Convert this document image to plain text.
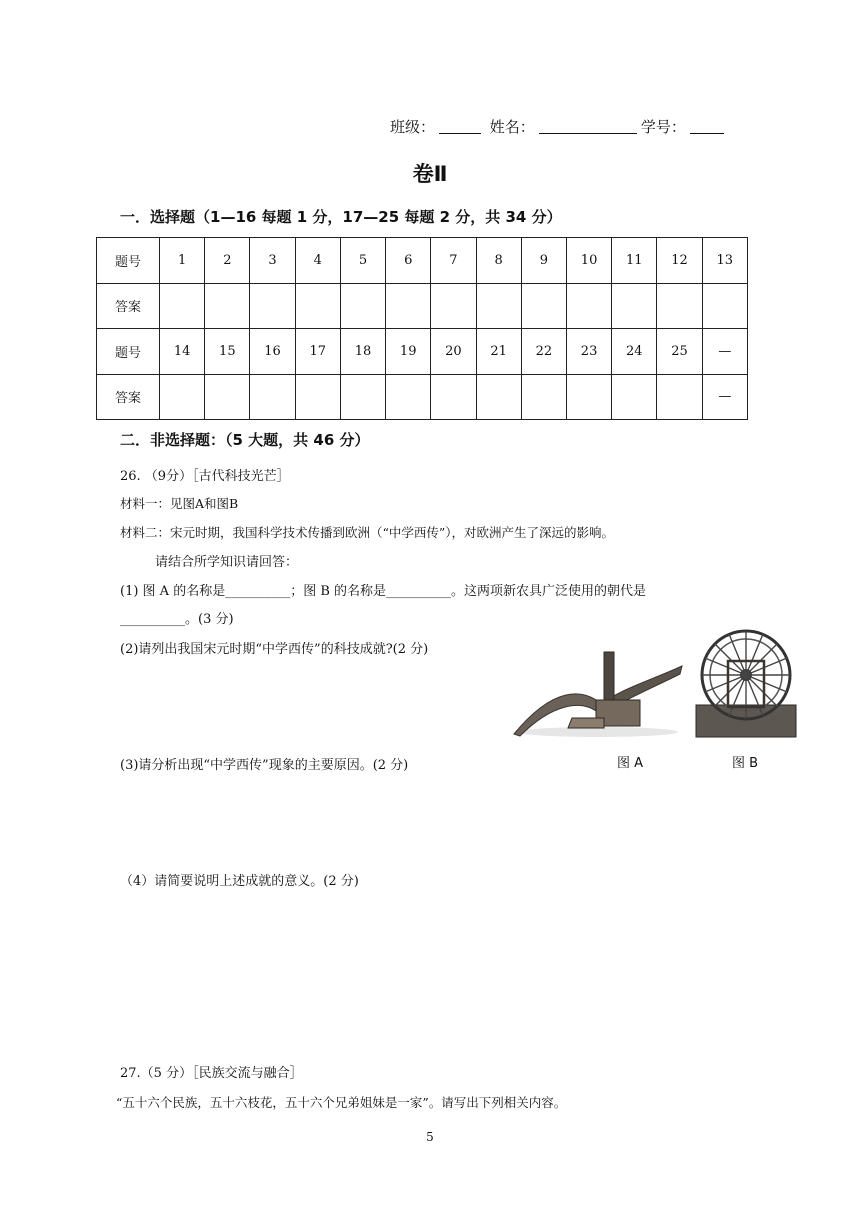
班级：	姓名：	学号：
卷Ⅱ
一．选择题（1—16 每题 1 分，17—25 每题 2 分，共 34 分）
题号	1	2	3	4	5	6	7	8	9	10	11	12	13
答案													
题号	14	15	16	17	18	19	20	21	22	23	24	25	—
答案													—
二．非选择题：（5 大题，共 46 分）
26. （9分）［古代科技光芒］
材料一：见图A和图B
材料二：宋元时期，我国科学技术传播到欧洲（“中学西传”），对欧洲产生了深远的影响。
请结合所学知识请回答：
(1) 图 A 的名称是__________；图 B 的名称是__________。这两项新农具广泛使用的朝代是
__________。(3 分)
(2)请列出我国宋元时期“中学西传”的科技成就?(2 分)
图 A	图 B
(3)请分析出现“中学西传”现象的主要原因。(2 分)
（4）请简要说明上述成就的意义。(2 分)
27.（5 分）［民族交流与融合］
“五十六个民族，五十六枝花，五十六个兄弟姐妹是一家”。请写出下列相关内容。
5
